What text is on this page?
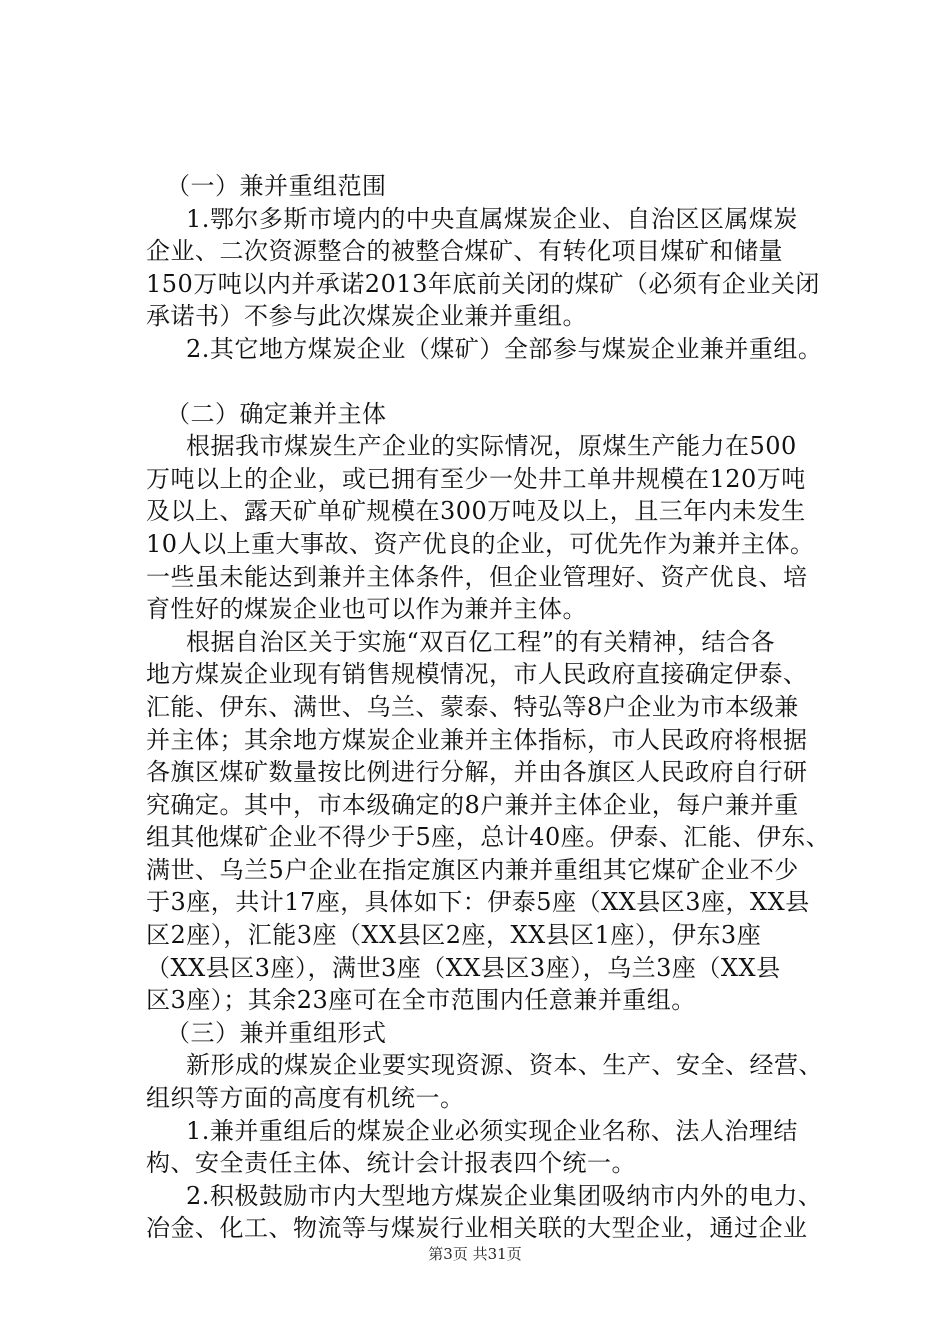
（一）兼并重组范围
1.鄂尔多斯市境内的中央直属煤炭企业、自治区区属煤炭
企业、二次资源整合的被整合煤矿、有转化项目煤矿和储量
150万吨以内并承诺2013年底前关闭的煤矿（必须有企业关闭
承诺书）不参与此次煤炭企业兼并重组。
2.其它地方煤炭企业（煤矿）全部参与煤炭企业兼并重组。
（二）确定兼并主体
根据我市煤炭生产企业的实际情况，原煤生产能力在500
万吨以上的企业，或已拥有至少一处井工单井规模在120万吨
及以上、露天矿单矿规模在300万吨及以上，且三年内未发生
10人以上重大事故、资产优良的企业，可优先作为兼并主体。
一些虽未能达到兼并主体条件，但企业管理好、资产优良、培
育性好的煤炭企业也可以作为兼并主体。
根据自治区关于实施“双百亿工程”的有关精神，结合各
地方煤炭企业现有销售规模情况，市人民政府直接确定伊泰、
汇能、伊东、满世、乌兰、蒙泰、特弘等8户企业为市本级兼
并主体；其余地方煤炭企业兼并主体指标，市人民政府将根据
各旗区煤矿数量按比例进行分解，并由各旗区人民政府自行研
究确定。其中，市本级确定的8户兼并主体企业，每户兼并重
组其他煤矿企业不得少于5座，总计40座。伊泰、汇能、伊东、
满世、乌兰5户企业在指定旗区内兼并重组其它煤矿企业不少
于3座，共计17座，具体如下：伊泰5座（XX县区3座，XX县
区2座），汇能3座（XX县区2座，XX县区1座），伊东3座
（XX县区3座），满世3座（XX县区3座），乌兰3座（XX县
区3座）；其余23座可在全市范围内任意兼并重组。
（三）兼并重组形式
新形成的煤炭企业要实现资源、资本、生产、安全、经营、
组织等方面的高度有机统一。
1.兼并重组后的煤炭企业必须实现企业名称、法人治理结
构、安全责任主体、统计会计报表四个统一。
2.积极鼓励市内大型地方煤炭企业集团吸纳市内外的电力、
冶金、化工、物流等与煤炭行业相关联的大型企业，通过企业
第3页 共31页
